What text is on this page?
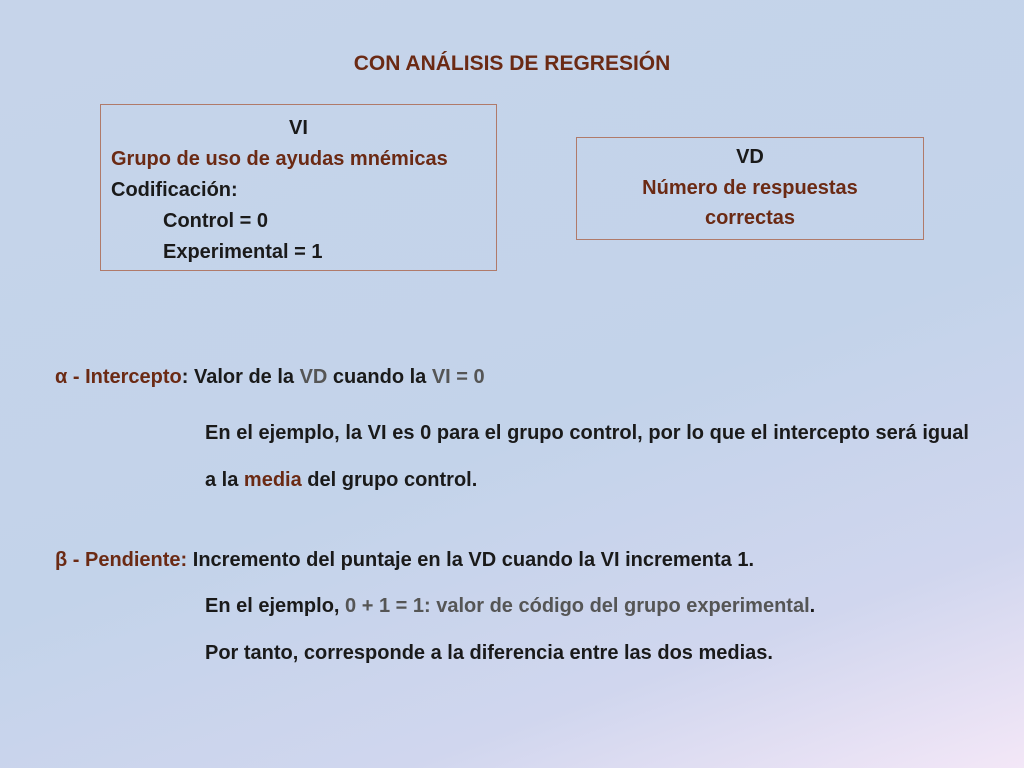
CON ANÁLISIS DE REGRESIÓN
VI
Grupo de uso de ayudas mnémicas
Codificación:
Control = 0
Experimental = 1
VD
Número de respuestas correctas
α - Intercepto: Valor de la VD cuando la VI = 0
En el ejemplo, la VI es 0 para el grupo control, por lo que el intercepto será igual a la media del grupo control.
β - Pendiente: Incremento del puntaje en la VD cuando la VI incrementa 1.
En el ejemplo, 0 + 1 = 1: valor de código del grupo experimental.
Por tanto, corresponde a la diferencia entre las dos medias.
